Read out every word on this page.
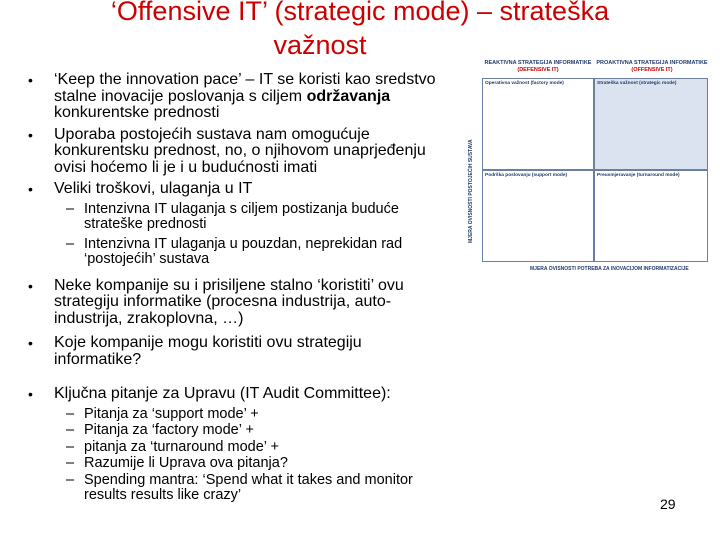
‘Offensive IT’ (strategic mode) – strateška

važnost
• ‘Keep the innovation pace’ – IT se koristi kao sredstvo stalne inovacije poslovanja s ciljem održavanja konkurentske prednosti
• Uporaba postojećih sustava nam omogućuje konkurentsku prednost, no, o njihovom unaprjeđenju ovisi hoćemo li je i u budućnosti imati
• Veliki troškovi, ulaganja u IT
– Intenzivna IT ulaganja s ciljem postizanja buduće strateške prednosti
– Intenzivna IT ulaganja u pouzdan, neprekidan rad ‘postojećih’ sustava
• Neke kompanije su i prisiljene stalno ‘koristiti’ ovu strategiju informatike (procesna industrija, auto-industrija, zrakoplovna, …)
• Koje kompanije mogu koristiti ovu strategiju informatike?
• Ključna pitanje za Upravu (IT Audit Committee):
– Pitanja za ‘support mode’ +
– Pitanja za ‘factory mode’ +
– pitanja za ‘turnaround mode’ +
– Razumije li Uprava ova pitanja?
– Spending mantra: ‘Spend what it takes and monitor results results like crazy’
REAKTIVNA STRATEGIJA INFORMATIKE
(DEFENSIVE IT)
PROAKTIVNA STRATEGIJA INFORMATIKE
(OFFENSIVE IT)
Operativna važnost (factory mode)	Strateška važnost (strategic mode)
Podrška poslovanju (support mode)	Preusmjeravanje (turnaround mode)
MJERA OVISNOSTI POSTOJEĆIH SUSTAVA
MJERA OVISNOSTI POTREBA ZA INOVACIJOM INFORMATIZACIJE
29
